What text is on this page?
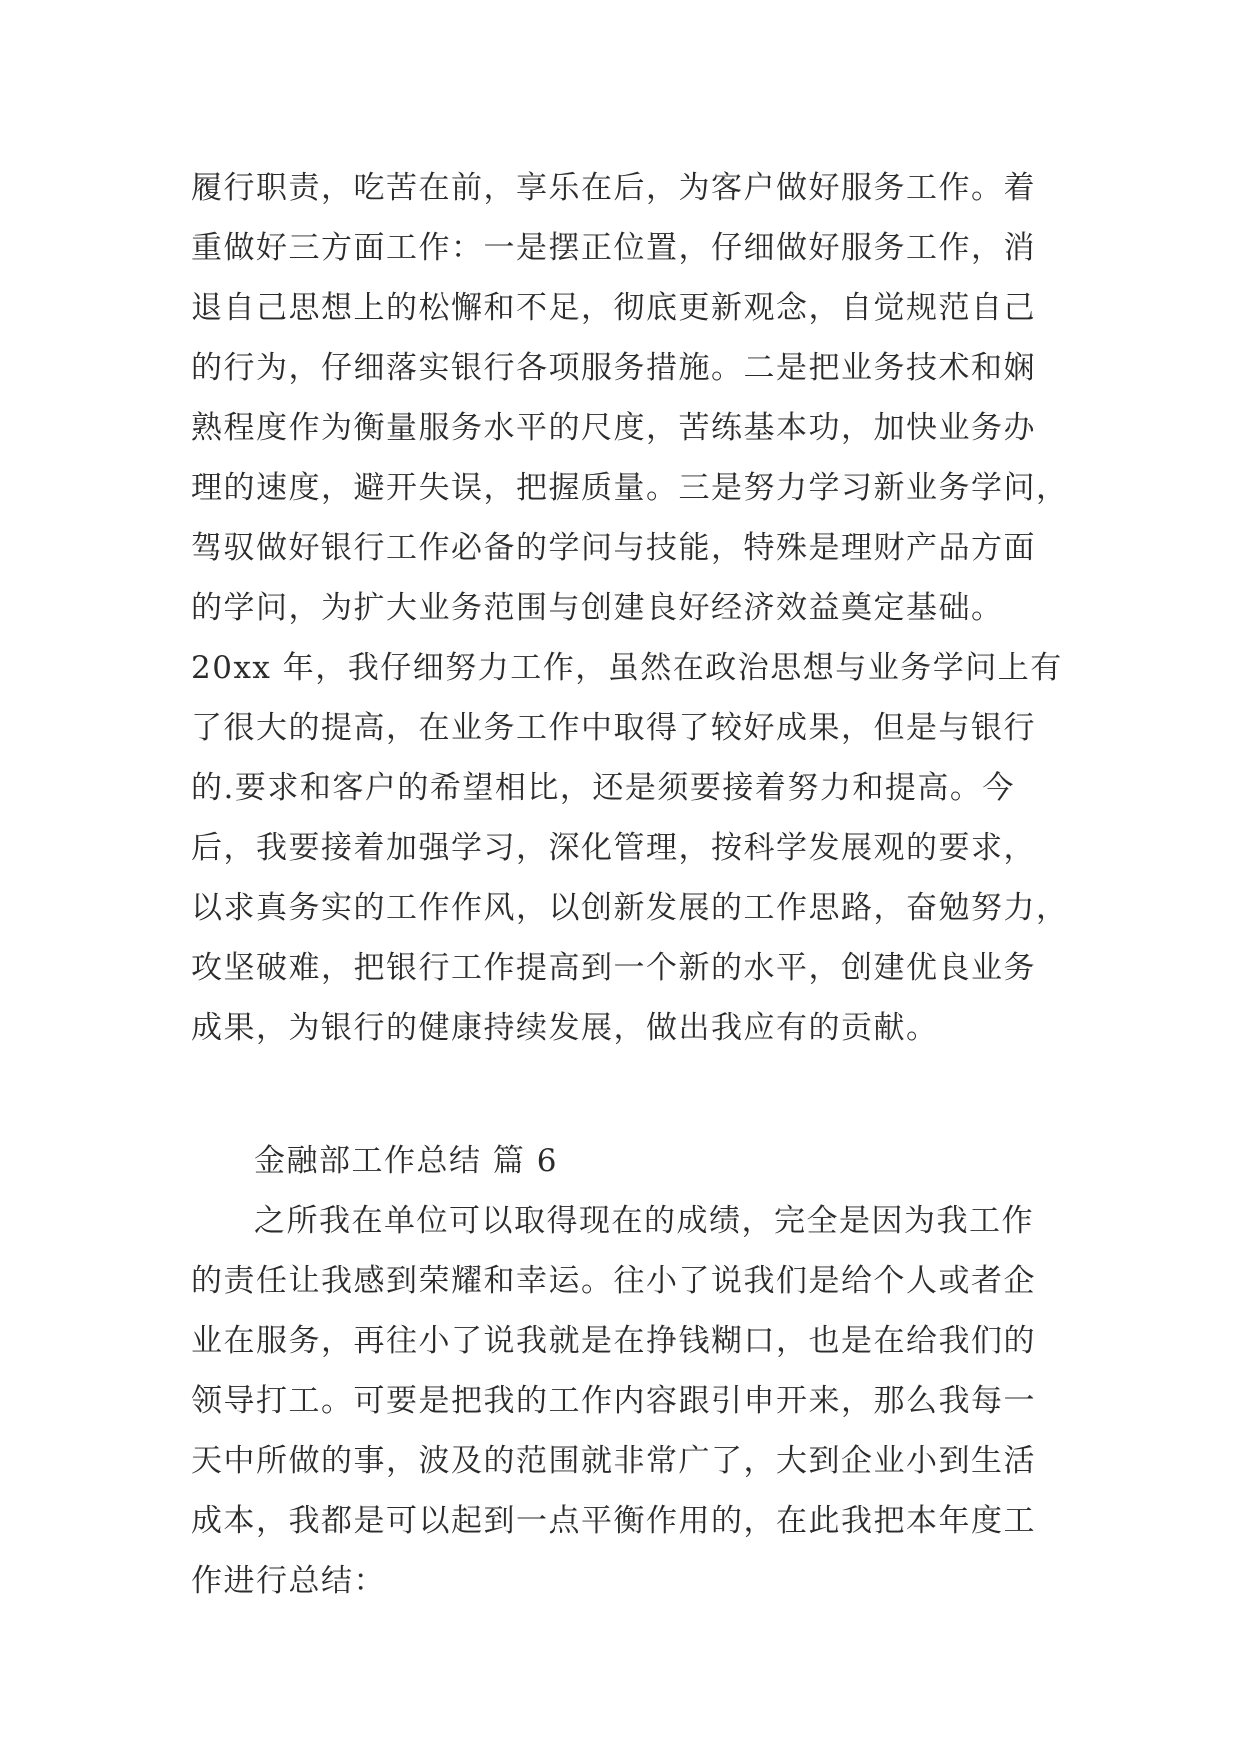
履行职责，吃苦在前，享乐在后，为客户做好服务工作。着
重做好三方面工作：一是摆正位置，仔细做好服务工作，消
退自己思想上的松懈和不足，彻底更新观念，自觉规范自己
的行为，仔细落实银行各项服务措施。二是把业务技术和娴
熟程度作为衡量服务水平的尺度，苦练基本功，加快业务办
理的速度，避开失误，把握质量。三是努力学习新业务学问，
驾驭做好银行工作必备的学问与技能，特殊是理财产品方面
的学问，为扩大业务范围与创建良好经济效益奠定基础。
20xx 年，我仔细努力工作，虽然在政治思想与业务学问上有
了很大的提高，在业务工作中取得了较好成果，但是与银行
的.要求和客户的希望相比，还是须要接着努力和提高。今
后，我要接着加强学习，深化管理，按科学发展观的要求，
以求真务实的工作作风，以创新发展的工作思路，奋勉努力，
攻坚破难，把银行工作提高到一个新的水平，创建优良业务
成果，为银行的健康持续发展，做出我应有的贡献。
金融部工作总结 篇 6
之所我在单位可以取得现在的成绩，完全是因为我工作
的责任让我感到荣耀和幸运。往小了说我们是给个人或者企
业在服务，再往小了说我就是在挣钱糊口，也是在给我们的
领导打工。可要是把我的工作内容跟引申开来，那么我每一
天中所做的事，波及的范围就非常广了，大到企业小到生活
成本，我都是可以起到一点平衡作用的，在此我把本年度工
作进行总结：
